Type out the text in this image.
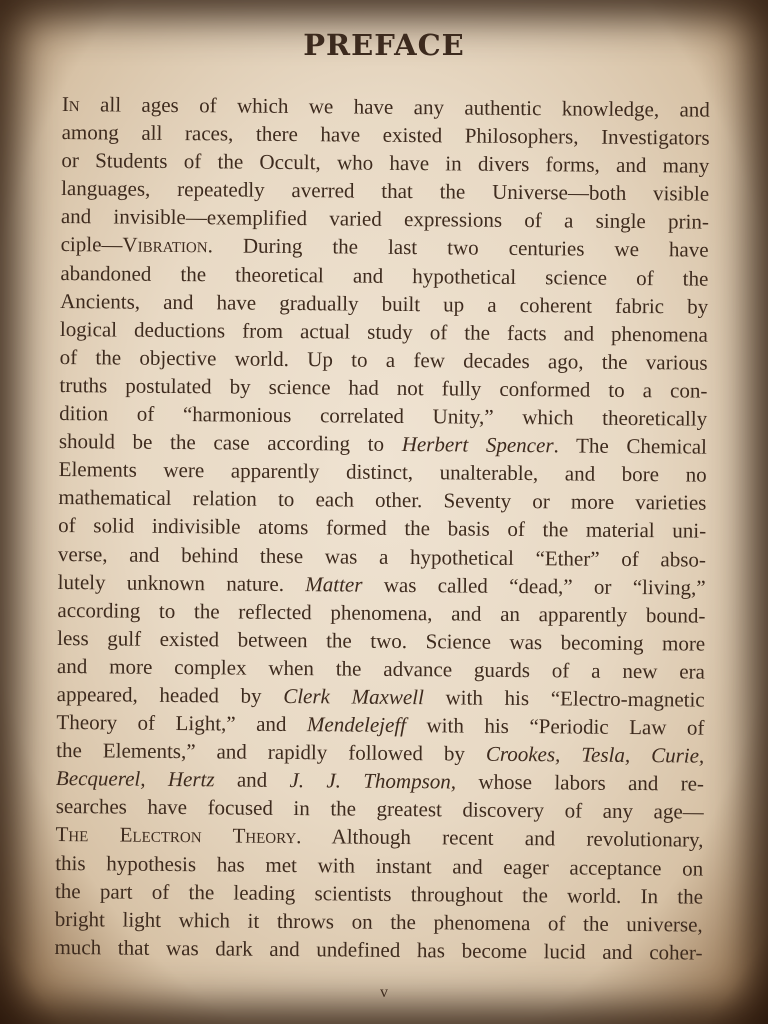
PREFACE
In all ages of which we have any authentic knowledge, and
among all races, there have existed Philosophers, Investigators
or Students of the Occult, who have in divers forms, and many
languages, repeatedly averred that the Universe—both visible
and invisible—exemplified varied expressions of a single prin-
ciple—Vibration. During the last two centuries we have
abandoned the theoretical and hypothetical science of the
Ancients, and have gradually built up a coherent fabric by
logical deductions from actual study of the facts and phenomena
of the objective world. Up to a few decades ago, the various
truths postulated by science had not fully conformed to a con-
dition of “harmonious correlated Unity,” which theoretically
should be the case according to Herbert Spencer. The Chemical
Elements were apparently distinct, unalterable, and bore no
mathematical relation to each other. Seventy or more varieties
of solid indivisible atoms formed the basis of the material uni-
verse, and behind these was a hypothetical “Ether” of abso-
lutely unknown nature. Matter was called “dead,” or “living,”
according to the reflected phenomena, and an apparently bound-
less gulf existed between the two. Science was becoming more
and more complex when the advance guards of a new era
appeared, headed by Clerk Maxwell with his “Electro-magnetic
Theory of Light,” and Mendelejeff with his “Periodic Law of
the Elements,” and rapidly followed by Crookes, Tesla, Curie,
Becquerel, Hertz and J. J. Thompson, whose labors and re-
searches have focused in the greatest discovery of any age—
The Electron Theory. Although recent and revolutionary,
this hypothesis has met with instant and eager acceptance on
the part of the leading scientists throughout the world. In the
bright light which it throws on the phenomena of the universe,
much that was dark and undefined has become lucid and coher-
v
